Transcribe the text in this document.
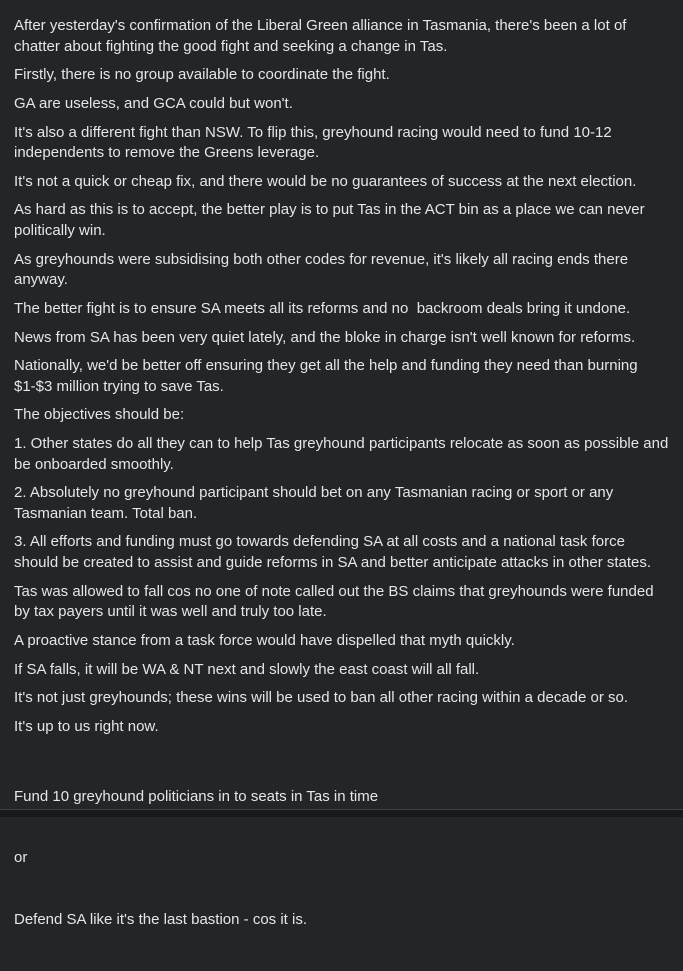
After yesterday's confirmation of the Liberal Green alliance in Tasmania, there's been a lot of chatter about fighting the good fight and seeking a change in Tas.

Firstly, there is no group available to coordinate the fight.

GA are useless, and GCA could but won't.

It's also a different fight than NSW. To flip this, greyhound racing would need to fund 10-12 independents to remove the Greens leverage.

It's not a quick or cheap fix, and there would be no guarantees of success at the next election.

As hard as this is to accept, the better play is to put Tas in the ACT bin as a place we can never politically win.

As greyhounds were subsidising both other codes for revenue, it's likely all racing ends there anyway.

The better fight is to ensure SA meets all its reforms and no  backroom deals bring it undone.

News from SA has been very quiet lately, and the bloke in charge isn't well known for reforms.

Nationally, we'd be better off ensuring they get all the help and funding they need than burning $1-$3 million trying to save Tas.

The objectives should be:

1. Other states do all they can to help Tas greyhound participants relocate as soon as possible and be onboarded smoothly.

2. Absolutely no greyhound participant should bet on any Tasmanian racing or sport or any Tasmanian team. Total ban.

3. All efforts and funding must go towards defending SA at all costs and a national task force should be created to assist and guide reforms in SA and better anticipate attacks in other states.

Tas was allowed to fall cos no one of note called out the BS claims that greyhounds were funded by tax payers until it was well and truly too late.

A proactive stance from a task force would have dispelled that myth quickly.

If SA falls, it will be WA & NT next and slowly the east coast will all fall.

It's not just greyhounds; these wins will be used to ban all other racing within a decade or so.

It's up to us right now.

Fund 10 greyhound politicians in to seats in Tas in time

or

Defend SA like it's the last bastion - cos it is.
